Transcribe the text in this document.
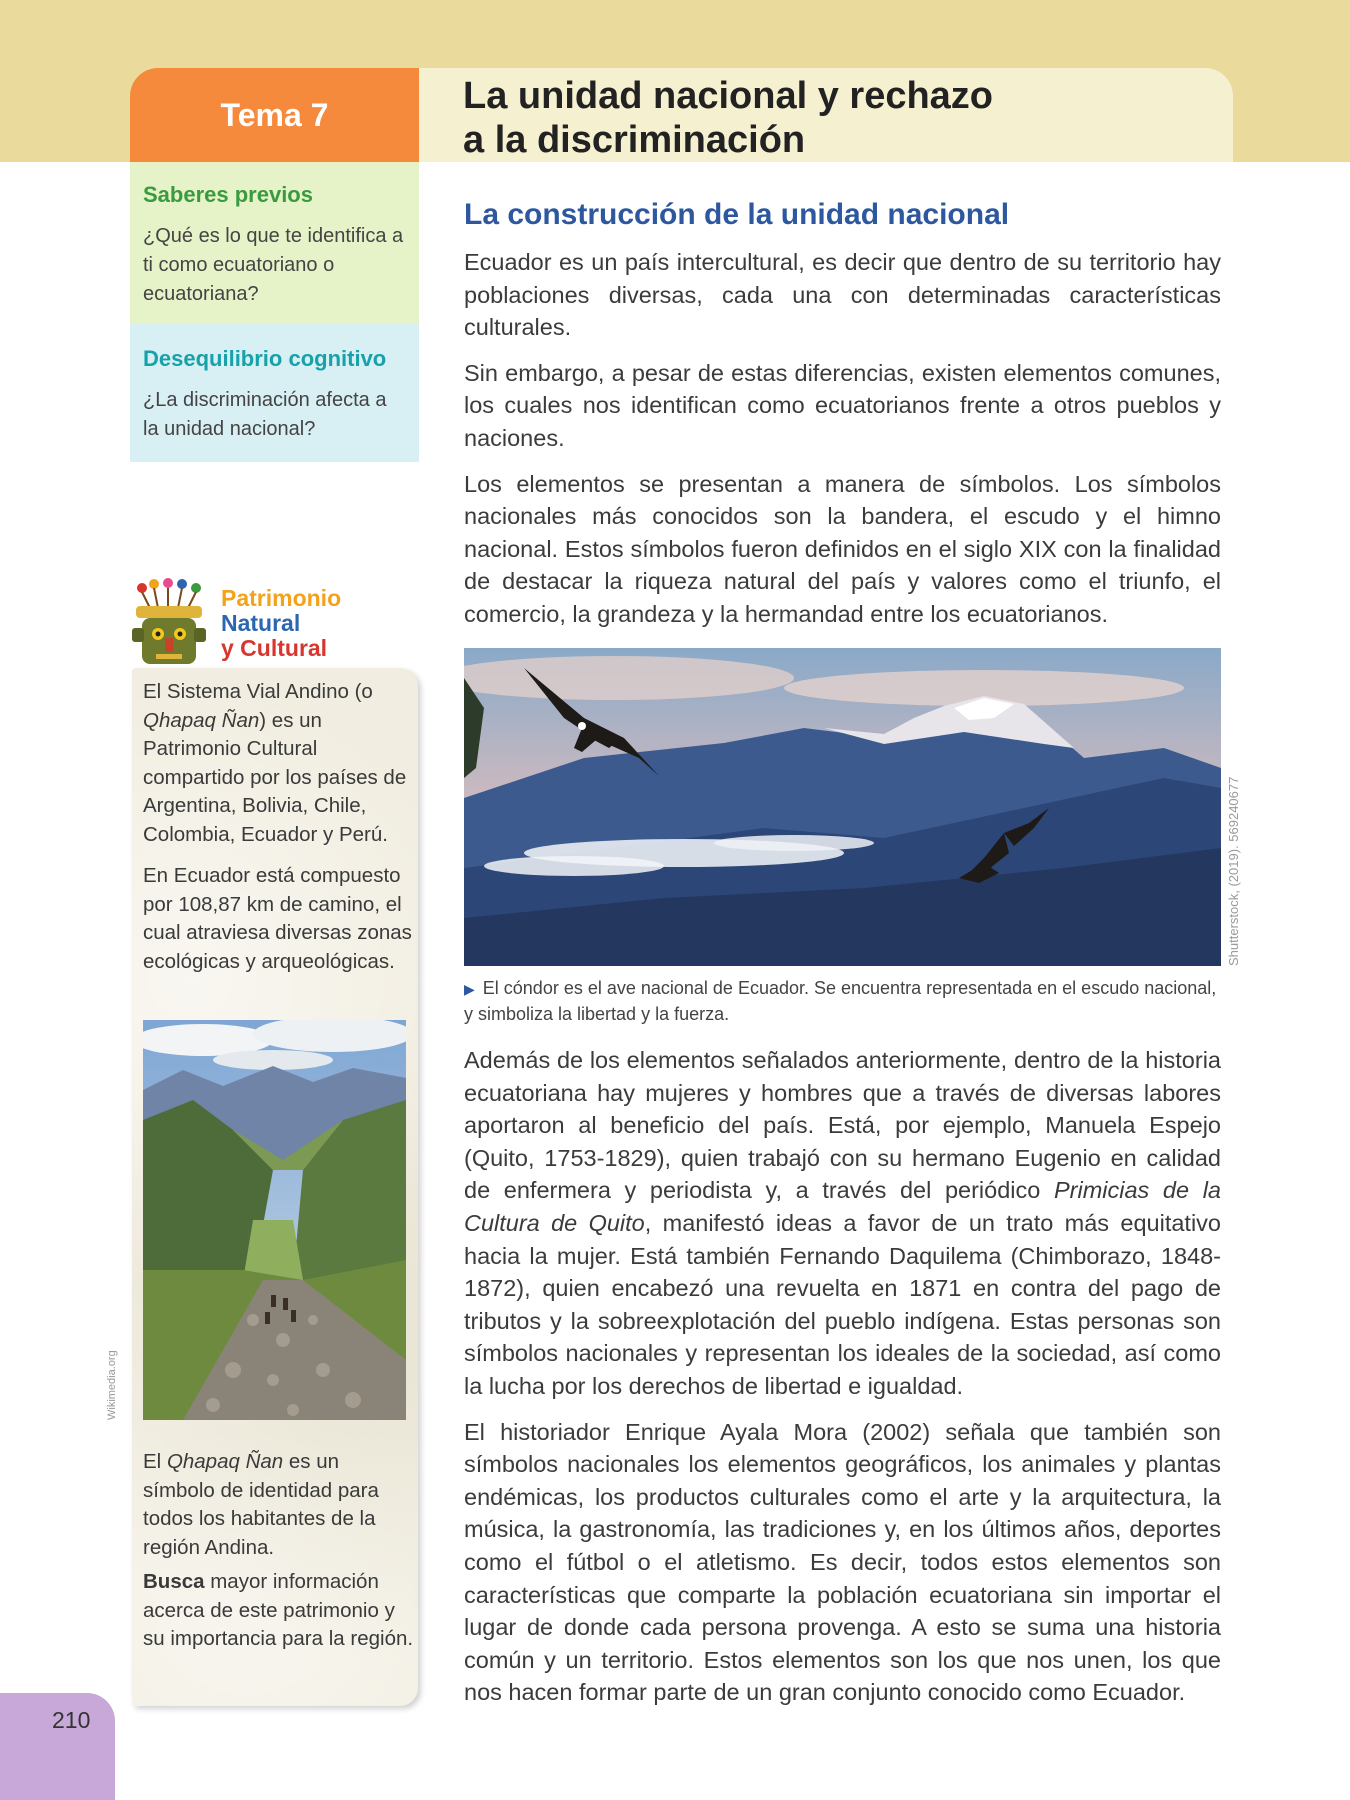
Tema 7	La unidad nacional y rechazo
a la discriminación
Saberes previos
¿Qué es lo que te identifica a ti como ecuatoriano o ecuatoriana?
Desequilibrio cognitivo
¿La discriminación afecta a la unidad nacional?
Patrimonio
Natural
y Cultural

El Sistema Vial Andino (o Qhapaq Ñan) es un Patrimonio Cultural compartido por los países de Argentina, Bolivia, Chile, Colombia, Ecuador y Perú.

En Ecuador está compuesto por 108,87 km de camino, el cual atraviesa diversas zonas ecológicas y arqueológicas.

Wikimedia.org

El Qhapaq Ñan es un símbolo de identidad para todos los habitantes de la región Andina.

Busca mayor información acerca de este patrimonio y su importancia para la región.

210
La construcción de la unidad nacional

Ecuador es un país intercultural, es decir que dentro de su territorio hay poblaciones diversas, cada una con determinadas características culturales.

Sin embargo, a pesar de estas diferencias, existen elementos comunes, los cuales nos identifican como ecuatorianos frente a otros pueblos y naciones.

Los elementos se presentan a manera de símbolos. Los símbolos nacionales más conocidos son la bandera, el escudo y el himno nacional. Estos símbolos fueron definidos en el siglo XIX con la finalidad de destacar la riqueza natural del país y valores como el triunfo, el comercio, la grandeza y la hermandad entre los ecuatorianos.

Shutterstock, (2019). 569240677
▶ El cóndor es el ave nacional de Ecuador. Se encuentra representada en el escudo nacional, y simboliza la libertad y la fuerza.

Además de los elementos señalados anteriormente, dentro de la historia ecuatoriana hay mujeres y hombres que a través de diversas labores aportaron al beneficio del país. Está, por ejemplo, Manuela Espejo (Quito, 1753-1829), quien trabajó con su hermano Eugenio en calidad de enfermera y periodista y, a través del periódico Primicias de la Cultura de Quito, manifestó ideas a favor de un trato más equitativo hacia la mujer. Está también Fernando Daquilema (Chimborazo, 1848-1872), quien encabezó una revuelta en 1871 en contra del pago de tributos y la sobreexplotación del pueblo indígena. Estas personas son símbolos nacionales y representan los ideales de la sociedad, así como la lucha por los derechos de libertad e igualdad.

El historiador Enrique Ayala Mora (2002) señala que también son símbolos nacionales los elementos geográficos, los animales y plantas endémicas, los productos culturales como el arte y la arquitectura, la música, la gastronomía, las tradiciones y, en los últimos años, deportes como el fútbol o el atletismo. Es decir, todos estos elementos son características que comparte la población ecuatoriana sin importar el lugar de donde cada persona provenga. A esto se suma una historia común y un territorio. Estos elementos son los que nos unen, los que nos hacen formar parte de un gran conjunto conocido como Ecuador.
